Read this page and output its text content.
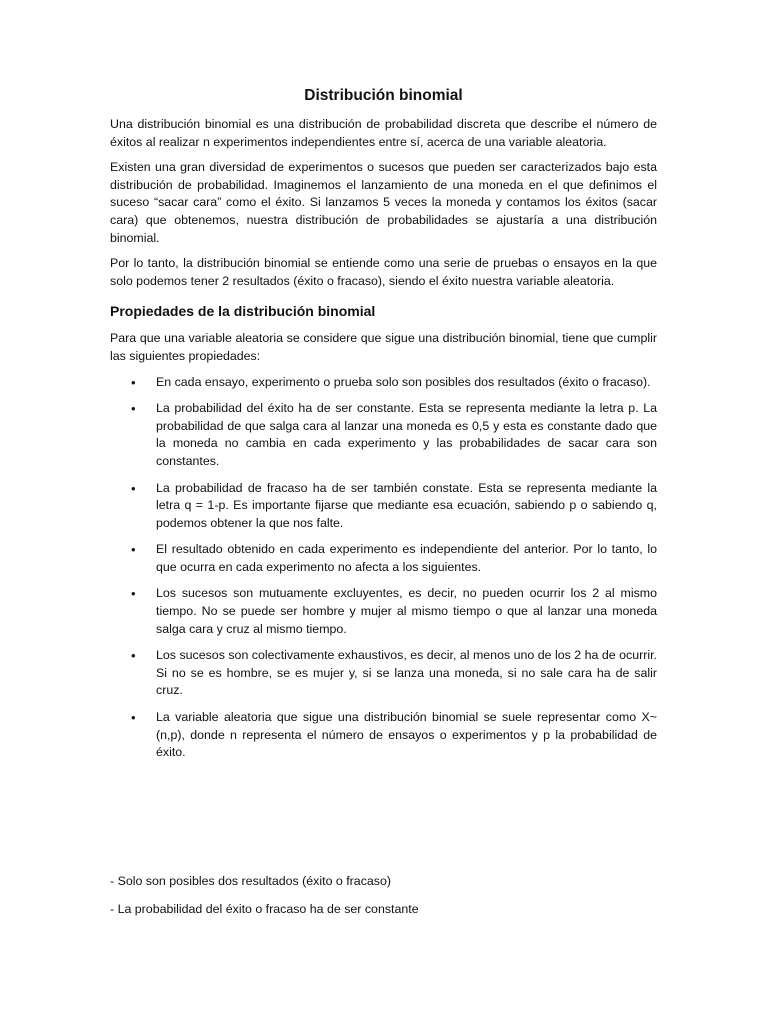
Distribución binomial

Una distribución binomial es una distribución de probabilidad discreta que describe el número de éxitos al realizar n experimentos independientes entre sí, acerca de una variable aleatoria.

Existen una gran diversidad de experimentos o sucesos que pueden ser caracterizados bajo esta distribución de probabilidad. Imaginemos el lanzamiento de una moneda en el que definimos el suceso “sacar cara” como el éxito. Si lanzamos 5 veces la moneda y contamos los éxitos (sacar cara) que obtenemos, nuestra distribución de probabilidades se ajustaría a una distribución binomial.

Por lo tanto, la distribución binomial se entiende como una serie de pruebas o ensayos en la que solo podemos tener 2 resultados (éxito o fracaso), siendo el éxito nuestra variable aleatoria.

Propiedades de la distribución binomial

Para que una variable aleatoria se considere que sigue una distribución binomial, tiene que cumplir las siguientes propiedades:

• En cada ensayo, experimento o prueba solo son posibles dos resultados (éxito o fracaso).
• La probabilidad del éxito ha de ser constante. Esta se representa mediante la letra p. La probabilidad de que salga cara al lanzar una moneda es 0,5 y esta es constante dado que la moneda no cambia en cada experimento y las probabilidades de sacar cara son constantes.
• La probabilidad de fracaso ha de ser también constate. Esta se representa mediante la letra q = 1-p. Es importante fijarse que mediante esa ecuación, sabiendo p o sabiendo q, podemos obtener la que nos falte.
• El resultado obtenido en cada experimento es independiente del anterior. Por lo tanto, lo que ocurra en cada experimento no afecta a los siguientes.
• Los sucesos son mutuamente excluyentes, es decir, no pueden ocurrir los 2 al mismo tiempo. No se puede ser hombre y mujer al mismo tiempo o que al lanzar una moneda salga cara y cruz al mismo tiempo.
• Los sucesos son colectivamente exhaustivos, es decir, al menos uno de los 2 ha de ocurrir. Si no se es hombre, se es mujer y, si se lanza una moneda, si no sale cara ha de salir cruz.
• La variable aleatoria que sigue una distribución binomial se suele representar como X~(n,p), donde n representa el número de ensayos o experimentos y p la probabilidad de éxito.

- Solo son posibles dos resultados (éxito o fracaso)

- La probabilidad del éxito o fracaso ha de ser constante
